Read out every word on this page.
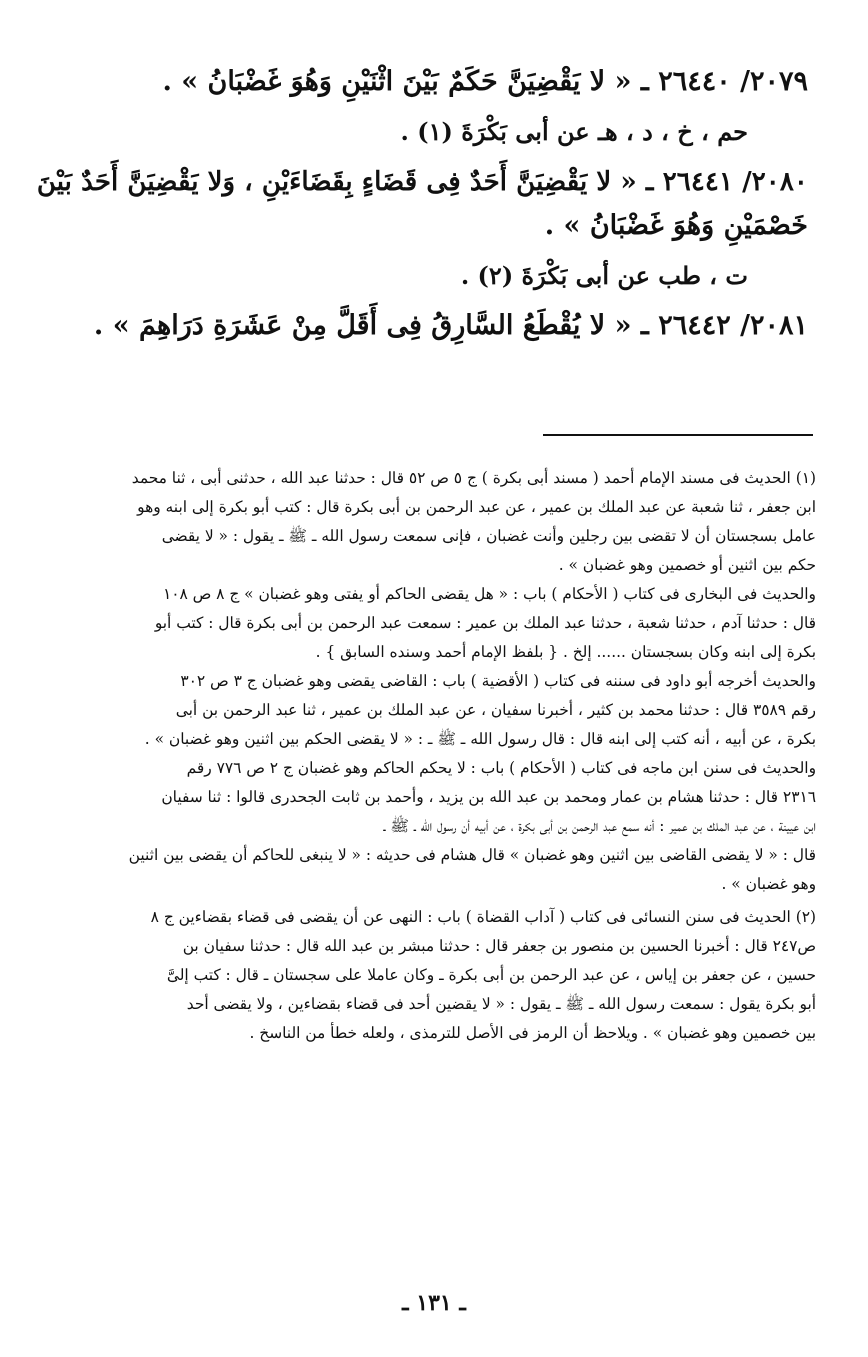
٢٠٧٩/ ٢٦٤٤٠ ـ « لا يَقْضِيَنَّ حَكَمٌ بَيْنَ اثْنَيْنِ وَهُوَ غَضْبَانُ » .

حم ، خ ، د ، هـ عن أبى بَكْرَةَ (١) .

٢٠٨٠/ ٢٦٤٤١ ـ « لا يَقْضِيَنَّ أَحَدٌ فِى قَضَاءٍ بِقَضَاءَيْنِ ، وَلا يَقْضِيَنَّ أَحَدٌ بَيْنَ

خَصْمَيْنِ وَهُوَ غَضْبَانُ » .

ت ، طب عن أبى بَكْرَةَ (٢) .

٢٠٨١/ ٢٦٤٤٢ ـ « لا يُقْطَعُ السَّارِقُ فِى أَقَلَّ مِنْ عَشَرَةِ دَرَاهِمَ » .

(١) الحديث فى مسند الإمام أحمد ( مسند أبى بكرة ) ج ٥ ص ٥٢ قال : حدثنا عبد الله ، حدثنى أبى ، ثنا محمد
ابن جعفر ، ثنا شعبة عن عبد الملك بن عمير ، عن عبد الرحمن بن أبى بكرة قال : كتب أبو بكرة إلى ابنه وهو
عامل بسجستان أن لا تقضى بين رجلين وأنت غضبان ، فإنى سمعت رسول الله ـ ﷺ ـ يقول : « لا يقضى
حكم بين اثنين أو خصمين وهو غضبان » .
والحديث فى البخارى فى كتاب ( الأحكام ) باب : « هل يقضى الحاكم أو يفتى وهو غضبان » ج ٨ ص ١٠٨
قال : حدثنا آدم ، حدثنا شعبة ، حدثنا عبد الملك بن عمير : سمعت عبد الرحمن بن أبى بكرة قال : كتب أبو
بكرة إلى ابنه وكان بسجستان ...... إلخ . { بلفظ الإمام أحمد وسنده السابق } .
والحديث أخرجه أبو داود فى سننه فى كتاب ( الأقضية ) باب : القاضى يقضى وهو غضبان ج ٣ ص ٣٠٢
رقم ٣٥٨٩ قال : حدثنا محمد بن كثير ، أخبرنا سفيان ، عن عبد الملك بن عمير ، ثنا عبد الرحمن بن أبى
بكرة ، عن أبيه ، أنه كتب إلى ابنه قال : قال رسول الله ـ ﷺ ـ : « لا يقضى الحكم بين اثنين وهو غضبان » .
والحديث فى سنن ابن ماجه فى كتاب ( الأحكام ) باب : لا يحكم الحاكم وهو غضبان ج ٢ ص ٧٧٦ رقم
٢٣١٦ قال : حدثنا هشام بن عمار ومحمد بن عبد الله بن يزيد ، وأحمد بن ثابت الجحدرى قالوا : ثنا سفيان
ابن عيينة ، عن عبد الملك بن عمير : أنه سمع عبد الرحمن بن أبى بكرة ، عن أبيه أن رسول الله ـ ﷺ ـ
قال : « لا يقضى القاضى بين اثنين وهو غضبان » قال هشام فى حديثه : « لا ينبغى للحاكم أن يقضى بين اثنين
وهو غضبان » .
(٢) الحديث فى سنن النسائى فى كتاب ( آداب القضاة ) باب : النهى عن أن يقضى فى قضاء بقضاءين ج ٨
ص٢٤٧ قال : أخبرنا الحسين بن منصور بن جعفر قال : حدثنا مبشر بن عبد الله قال : حدثنا سفيان بن
حسين ، عن جعفر بن إياس ، عن عبد الرحمن بن أبى بكرة ـ وكان عاملا على سجستان ـ قال : كتب إلىَّ
أبو بكرة يقول : سمعت رسول الله ـ ﷺ ـ يقول : « لا يقضين أحد فى قضاء بقضاءين ، ولا يقضى أحد
بين خصمين وهو غضبان » . ويلاحظ أن الرمز فى الأصل للترمذى ، ولعله خطأ من الناسخ .
ـ ١٣١ ـ
